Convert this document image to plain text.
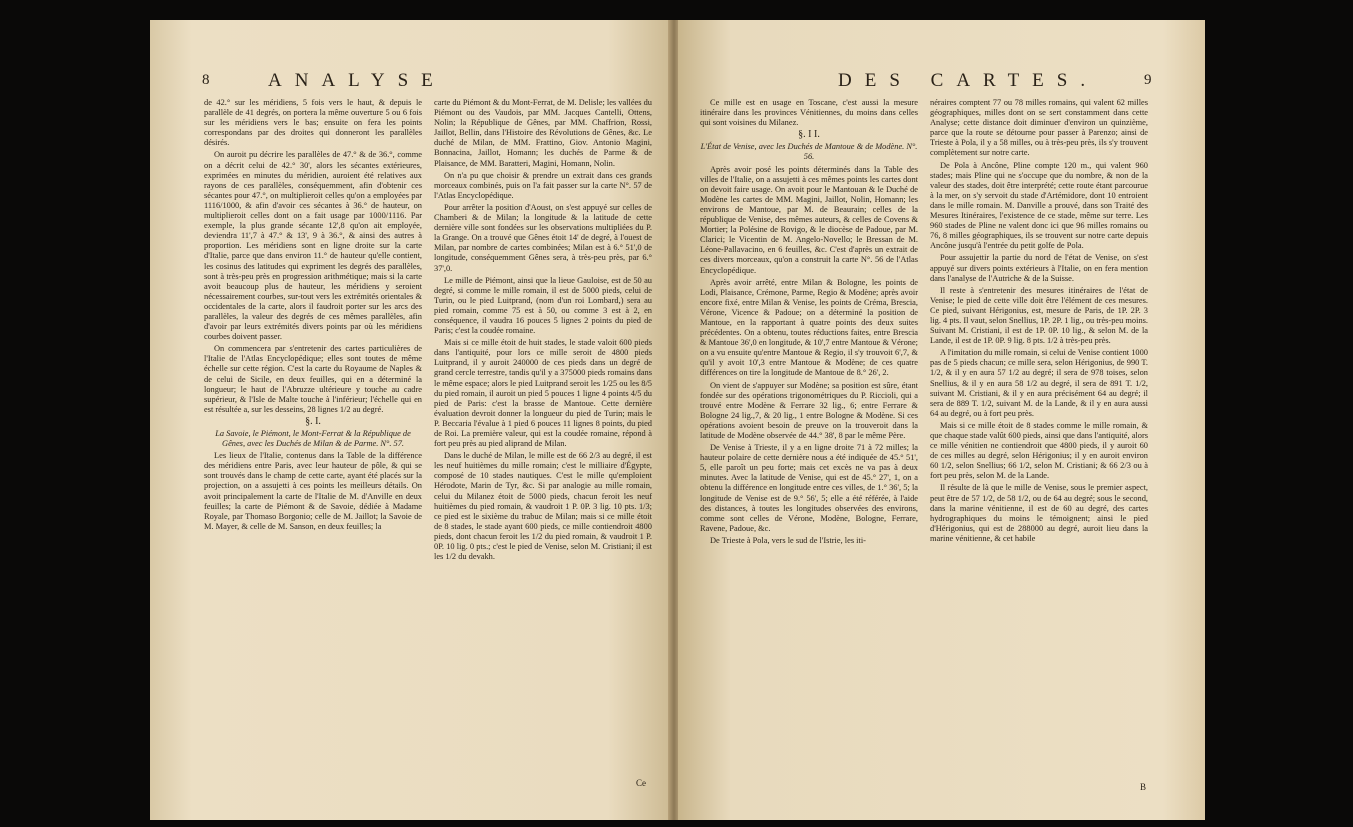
8	ANALYSE

de 42.° sur les méridiens, 5 fois vers le haut, & depuis le parallèle de 41 degrés, on portera la même ouverture 5 ou 6 fois sur les méridiens vers le bas; ensuite on fera les points correspondans par des droites qui donneront les parallèles désirés.

On auroit pu décrire les parallèles de 47.° & de 36.°, comme on a décrit celui de 42.° 30', alors les sécantes extérieures, exprimées en minutes du méridien, auroient été relatives aux rayons de ces parallèles, conséquemment, afin d'obtenir ces sécantes pour 47.°, on multiplieroit celles qu'on a employées par 1116/1000, & afin d'avoir ces sécantes à 36.° de hauteur, on multiplieroit celles dont on a fait usage par 1000/1116. Par exemple, la plus grande sécante 12',8 qu'on ait employée, deviendra 11',7 à 47.° & 13', 9 à 36.°, & ainsi des autres à proportion. Les méridiens sont en ligne droite sur la carte d'Italie, parce que dans environ 11.° de hauteur qu'elle contient, les cosinus des latitudes qui expriment les degrés des parallèles, sont à très-peu près en progression arithmétique; mais si la carte avoit beaucoup plus de hauteur, les méridiens y seroient nécessairement courbes, sur-tout vers les extrémités orientales & occidentales de la carte, alors il faudroit porter sur les arcs des parallèles, la valeur des degrés de ces mêmes parallèles, afin d'avoir par leurs extrémités divers points par où les méridiens courbes doivent passer.

On commencera par s'entretenir des cartes particulières de l'Italie de l'Atlas Encyclopédique; elles sont toutes de même échelle sur cette région. C'est la carte du Royaume de Naples & de celui de Sicile, en deux feuilles, qui en a déterminé la longueur; le haut de l'Abruzze ultérieure y touche au cadre supérieur, & l'Isle de Malte touche à l'inférieur; l'échelle qui en est résultée a, sur les desseins, 28 lignes 1/2 au degré.

§. I.

La Savoie, le Piémont, le Mont-Ferrat & la République de Gênes, avec les Duchés de Milan & de Parme. N°. 57.

Les lieux de l'Italie, contenus dans la Table de la différence des méridiens entre Paris, avec leur hauteur de pôle, & qui se sont trouvés dans le champ de cette carte, ayant été placés sur la projection, on a assujetti à ces points les meilleurs détails. On avoit principalement la carte de l'Italie de M. d'Anville en deux feuilles; la carte de Piémont & de Savoie, dédiée à Madame Royale, par Thomaso Borgonio; celle de M. Jaillot; la Savoie de M. Mayer, & celle de M. Sanson, en deux feuilles; la

carte du Piémont & du Mont-Ferrat, de M. Delisle; les vallées du Piémont ou des Vaudois, par MM. Jacques Cantelli, Ottens, Nolin; la République de Gênes, par MM. Chaffrion, Rossi, Jaillot, Bellin, dans l'Histoire des Révolutions de Gênes, &c. Le duché de Milan, de MM. Frattino, Giov. Antonio Magini, Bonnacina, Jaillot, Homann; les duchés de Parme & de Plaisance, de MM. Baratteri, Magini, Homann, Nolin.

On n'a pu que choisir & prendre un extrait dans ces grands morceaux combinés, puis on l'a fait passer sur la carte N°. 57 de l'Atlas Encyclopédique.

Pour arrêter la position d'Aoust, on s'est appuyé sur celles de Chamberi & de Milan; la longitude & la latitude de cette dernière ville sont fondées sur les observations multipliées du P. la Grange. On a trouvé que Gênes étoit 14' de degré, à l'ouest de Milan, par nombre de cartes combinées; Milan est à 6.° 51',0 de longitude, conséquemment Gênes sera, à très-peu près, par 6.° 37',0.

Le mille de Piémont, ainsi que la lieue Gauloise, est de 50 au degré, si comme le mille romain, il est de 5000 pieds, celui de Turin, ou le pied Luitprand, (nom d'un roi Lombard,) sera au pied romain, comme 75 est à 50, ou comme 3 est à 2, en conséquence, il vaudra 16 pouces 5 lignes 2 points du pied de Paris; c'est la coudée romaine.

Mais si ce mille étoit de huit stades, le stade valoit 600 pieds dans l'antiquité, pour lors ce mille seroit de 4800 pieds Luitprand, il y auroit 240000 de ces pieds dans un degré de grand cercle terrestre, tandis qu'il y a 375000 pieds romains dans le même espace; alors le pied Luitprand seroit les 1/25 ou les 8/5 du pied romain, il auroit un pied 5 pouces 1 ligne 4 points 4/5 du pied de Paris: c'est la brasse de Mantoue. Cette dernière évaluation devroit donner la longueur du pied de Turin; mais le P. Beccaria l'évalue à 1 pied 6 pouces 11 lignes 8 points, du pied de Roi. La première valeur, qui est la coudée romaine, répond à fort peu près au pied aliprand de Milan.

Dans le duché de Milan, le mille est de 66 2/3 au degré, il est les neuf huitièmes du mille romain; c'est le milliaire d'Égypte, composé de 10 stades nautiques. C'est le mille qu'emploient Hérodote, Marin de Tyr, &c. Si par analogie au mille romain, celui du Milanez étoit de 5000 pieds, chacun feroit les neuf huitièmes du pied romain, & vaudroit 1 P. 0P. 3 lig. 10 pts. 1/3; ce pied est le sixième du trabuc de Milan; mais si ce mille étoit de 8 stades, le stade ayant 600 pieds, ce mille contiendroit 4800 pieds, dont chacun feroit les 1/2 du pied romain, & vaudroit 1 P. 0P. 10 lig. 0 pts.; c'est le pied de Venise, selon M. Cristiani; il est les 1/2 du devakh.

Ce
DES CARTES.	9

Ce mille est en usage en Toscane, c'est aussi la mesure itinéraire dans les provinces Vénitiennes, du moins dans celles qui sont voisines du Milanez.

§. I I.

L'État de Venise, avec les Duchés de Mantoue & de Modène. N°. 56.

Après avoir posé les points déterminés dans la Table des villes de l'Italie, on a assujetti à ces mêmes points les cartes dont on devoit faire usage. On avoit pour le Mantouan & le Duché de Modène les cartes de MM. Magini, Jaillot, Nolin, Homann; les environs de Mantoue, par M. de Beaurain; celles de la république de Venise, des mêmes auteurs, & celles de Covens & Mortier; la Polésine de Rovigo, & le diocèse de Padoue, par M. Clarici; le Vicentin de M. Angelo-Novello; le Bressan de M. Léone-Pallavacino, en 6 feuilles, &c. C'est d'après un extrait de ces divers morceaux, qu'on a construit la carte N°. 56 de l'Atlas Encyclopédique.

Après avoir arrêté, entre Milan & Bologne, les points de Lodi, Plaisance, Crémone, Parme, Regio & Modène; après avoir encore fixé, entre Milan & Venise, les points de Créma, Brescia, Vérone, Vicence & Padoue; on a déterminé la position de Mantoue, en la rapportant à quatre points des deux suites précédentes. On a obtenu, toutes réductions faites, entre Brescia & Mantoue 36',0 en longitude, & 10',7 entre Mantoue & Vérone; on a vu ensuite qu'entre Mantoue & Regio, il s'y trouvoit 6',7, & qu'il y avoit 10',3 entre Mantoue & Modène; de ces quatre différences on tire la longitude de Mantoue de 8.° 26', 2.

On vient de s'appuyer sur Modène; sa position est sûre, étant fondée sur des opérations trigonométriques du P. Riccioli, qui a trouvé entre Modène & Ferrare 32 lig., 6; entre Ferrare & Bologne 24 lig.,7, & 20 lig., 1 entre Bologne & Modène. Si ces opérations avoient besoin de preuve on la trouveroit dans la latitude de Modène observée de 44.° 38', 8 par le même Père.

De Venise à Trieste, il y a en ligne droite 71 à 72 milles; la hauteur polaire de cette dernière nous a été indiquée de 45.° 51', 5, elle paroît un peu forte; mais cet excès ne va pas à deux minutes. Avec la latitude de Venise, qui est de 45.° 27', 1, on a obtenu la différence en longitude entre ces villes, de 1.° 36', 5; la longitude de Venise est de 9.° 56', 5; elle a été référée, à l'aide des distances, à toutes les longitudes observées des environs, comme sont celles de Vérone, Modène, Bologne, Ferrare, Ravene, Padoue, &c.

De Trieste à Pola, vers le sud de l'Istrie, les iti-

néraires comptent 77 ou 78 milles romains, qui valent 62 milles géographiques, milles dont on se sert constamment dans cette Analyse; cette distance doit diminuer d'environ un quinzième, parce que la route se détourne pour passer à Parenzo; ainsi de Trieste à Pola, il y a 58 milles, ou à très-peu près, ils s'y trouvent complètement sur notre carte.

De Pola à Ancône, Pline compte 120 m., qui valent 960 stades; mais Pline qui ne s'occupe que du nombre, & non de la valeur des stades, doit être interprété; cette route étant parcourue à la mer, on s'y servoit du stade d'Artémidore, dont 10 entroient dans le mille romain. M. Danville a prouvé, dans son Traité des Mesures Itinéraires, l'existence de ce stade, même sur terre. Les 960 stades de Pline ne valent donc ici que 96 milles romains ou 76, 8 milles géographiques, ils se trouvent sur notre carte depuis Ancône jusqu'à l'entrée du petit golfe de Pola.

Pour assujettir la partie du nord de l'état de Venise, on s'est appuyé sur divers points extérieurs à l'Italie, on en fera mention dans l'analyse de l'Autriche & de la Suisse.

Il reste à s'entretenir des mesures itinéraires de l'état de Venise; le pied de cette ville doit être l'élément de ces mesures. Ce pied, suivant Hérigonius, est, mesure de Paris, de 1P. 2P. 3 lig. 4 pts. Il vaut, selon Snellius, 1P. 2P. 1 lig., ou très-peu moins. Suivant M. Cristiani, il est de 1P. 0P. 10 lig., & selon M. de la Lande, il est de 1P. 0P. 9 lig. 8 pts. 1/2 à très-peu près.

A l'imitation du mille romain, si celui de Venise contient 1000 pas de 5 pieds chacun; ce mille sera, selon Hérigonius, de 990 T. 1/2, & il y en aura 57 1/2 au degré; il sera de 978 toises, selon Snellius, & il y en aura 58 1/2 au degré, il sera de 891 T. 1/2, suivant M. Cristiani, & il y en aura précisément 64 au degré; il sera de 889 T. 1/2, suivant M. de la Lande, & il y en aura aussi 64 au degré, ou à fort peu près.

Mais si ce mille étoit de 8 stades comme le mille romain, & que chaque stade valût 600 pieds, ainsi que dans l'antiquité, alors ce mille vénitien ne contiendroit que 4800 pieds, il y auroit 60 de ces milles au degré, selon Hérigonius; il y en auroit environ 60 1/2, selon Snellius; 66 1/2, selon M. Cristiani; & 66 2/3 ou à fort peu près, selon M. de la Lande.

Il résulte de là que le mille de Venise, sous le premier aspect, peut être de 57 1/2, de 58 1/2, ou de 64 au degré; sous le second, dans la marine vénitienne, il est de 60 au degré, des cartes hydrographiques du moins le témoignent; ainsi le pied d'Hérigonius, qui est de 288000 au degré, auroit lieu dans la marine vénitienne, & cet habile

B
